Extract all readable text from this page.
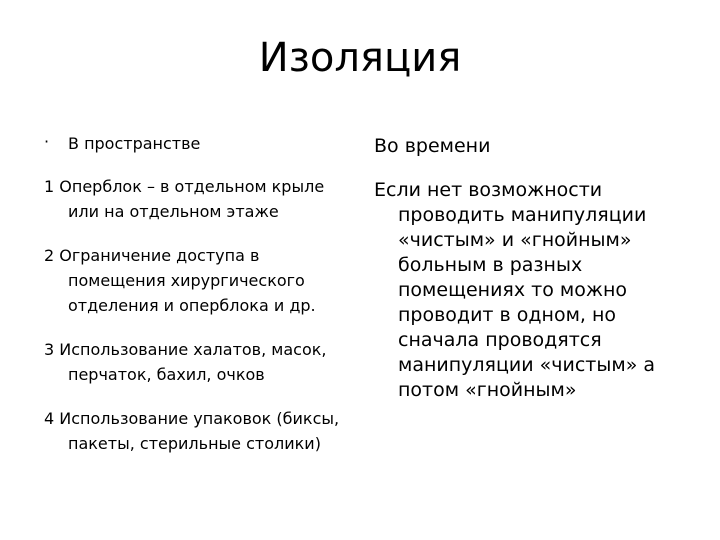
Изоляция
· В пространстве
1 Оперблок – в отдельном крыле или на отдельном этаже
2 Ограничение доступа в помещения хирургического отделения и оперблока и др.
3 Использование халатов, масок, перчаток, бахил, очков
4 Использование упаковок (биксы, пакеты, стерильные столики)
Во времени
Если нет возможности проводить манипуляции «чистым» и «гнойным» больным в разных помещениях то можно проводит в одном, но сначала проводятся манипуляции «чистым» а потом «гнойным»
